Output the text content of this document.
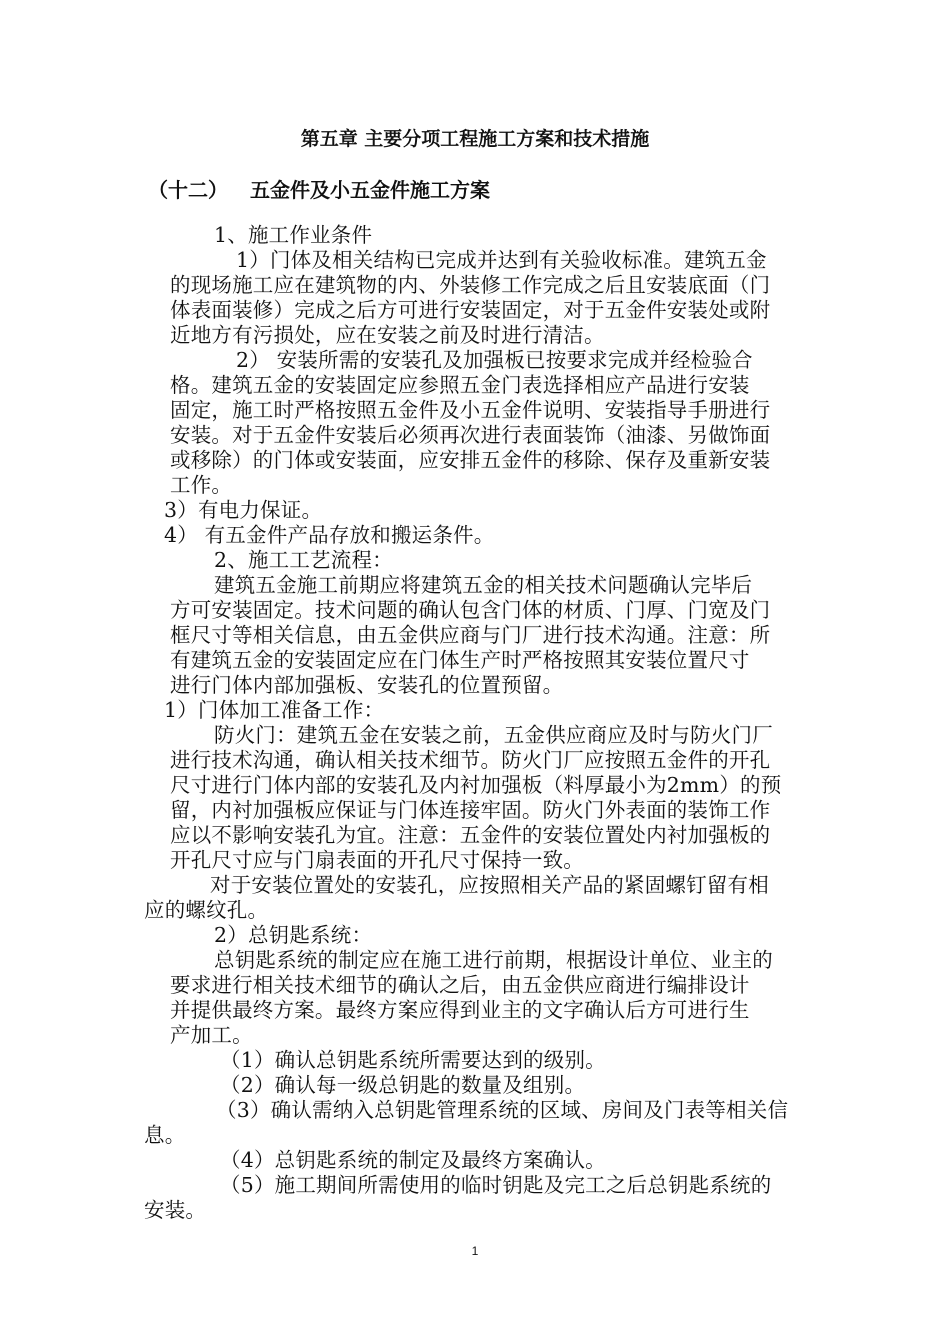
第五章 主要分项工程施工方案和技术措施
（十二） 五金件及小五金件施工方案
1、施工作业条件
1）门体及相关结构已完成并达到有关验收标准。建筑五金
的现场施工应在建筑物的内、外装修工作完成之后且安装底面（门
体表面装修）完成之后方可进行安装固定，对于五金件安装处或附
近地方有污损处，应在安装之前及时进行清洁。
2） 安装所需的安装孔及加强板已按要求完成并经检验合
格。建筑五金的安装固定应参照五金门表选择相应产品进行安装
固定，施工时严格按照五金件及小五金件说明、安装指导手册进行
安装。对于五金件安装后必须再次进行表面装饰（油漆、另做饰面
或移除）的门体或安装面，应安排五金件的移除、保存及重新安装
工作。
3）有电力保证。
4） 有五金件产品存放和搬运条件。
2、施工工艺流程：
建筑五金施工前期应将建筑五金的相关技术问题确认完毕后
方可安装固定。技术问题的确认包含门体的材质、门厚、门宽及门
框尺寸等相关信息，由五金供应商与门厂进行技术沟通。注意：所
有建筑五金的安装固定应在门体生产时严格按照其安装位置尺寸
进行门体内部加强板、安装孔的位置预留。
1）门体加工准备工作：
防火门：建筑五金在安装之前，五金供应商应及时与防火门厂
进行技术沟通，确认相关技术细节。防火门厂应按照五金件的开孔
尺寸进行门体内部的安装孔及内衬加强板（料厚最小为2mm）的预
留，内衬加强板应保证与门体连接牢固。防火门外表面的装饰工作
应以不影响安装孔为宜。注意：五金件的安装位置处内衬加强板的
开孔尺寸应与门扇表面的开孔尺寸保持一致。
对于安装位置处的安装孔，应按照相关产品的紧固螺钉留有相
应的螺纹孔。
2）总钥匙系统：
总钥匙系统的制定应在施工进行前期，根据设计单位、业主的
要求进行相关技术细节的确认之后，由五金供应商进行编排设计
并提供最终方案。最终方案应得到业主的文字确认后方可进行生
产加工。
（1）确认总钥匙系统所需要达到的级别。
（2）确认每一级总钥匙的数量及组别。
（3）确认需纳入总钥匙管理系统的区域、房间及门表等相关信
息。
（4）总钥匙系统的制定及最终方案确认。
（5）施工期间所需使用的临时钥匙及完工之后总钥匙系统的
安装。
1
